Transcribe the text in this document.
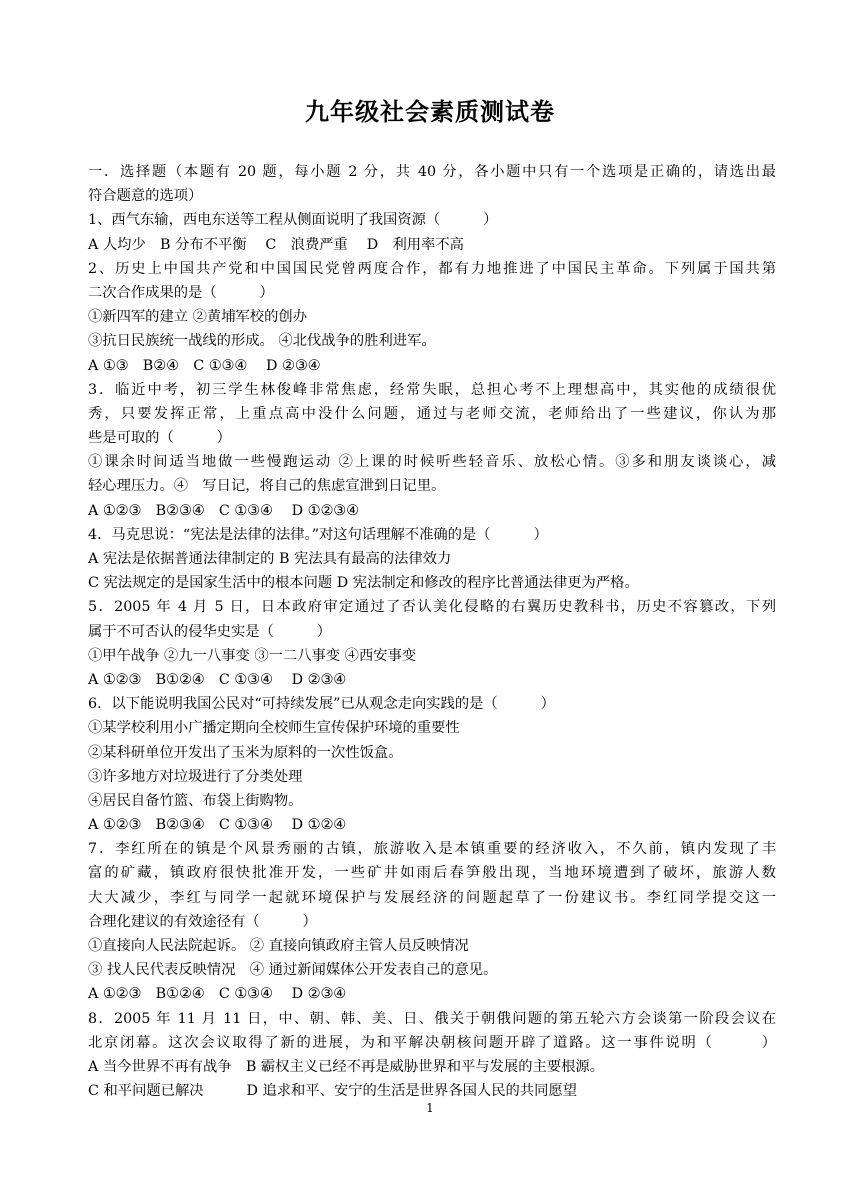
九年级社会素质测试卷
一．选择题（本题有 20 题，每小题 2 分，共 40 分，各小题中只有一个选项是正确的，请选出最
符合题意的选项）
1、西气东输，西电东送等工程从侧面说明了我国资源（　　　）
A 人均少　B 分布不平衡　 C　浪费严重　 D　利用率不高
2、历史上中国共产党和中国国民党曾两度合作，都有力地推进了中国民主革命。下列属于国共第
二次合作成果的是（　　　）
①新四军的建立 ②黄埔军校的创办
③抗日民族统一战线的形成。 ④北伐战争的胜利进军。
A ①③　B②④　C ①③④　 D ②③④
3．临近中考，初三学生林俊峰非常焦虑，经常失眠，总担心考不上理想高中，其实他的成绩很优
秀，只要发挥正常，上重点高中没什么问题，通过与老师交流，老师给出了一些建议，你认为那
些是可取的（　　　）
①课余时间适当地做一些慢跑运动 ②上课的时候听些轻音乐、放松心情。③多和朋友谈谈心，减
轻心理压力。④　写日记，将自己的焦虑宣泄到日记里。
A ①②③　B②③④　C ①③④　 D ①②③④
4．马克思说：“宪法是法律的法律。”对这句话理解不准确的是（　　　）
A 宪法是依据普通法律制定的 B 宪法具有最高的法律效力
C 宪法规定的是国家生活中的根本问题 D 宪法制定和修改的程序比普通法律更为严格。
5．2005 年 4 月 5 日，日本政府审定通过了否认美化侵略的右翼历史教科书，历史不容篡改，下列
属于不可否认的侵华史实是（　　　）
①甲午战争 ②九一八事变 ③一二八事变 ④西安事变
A ①②③　B①②④　C ①③④　 D ②③④
6．以下能说明我国公民对“可持续发展”已从观念走向实践的是（　　　）
①某学校利用小广播定期向全校师生宣传保护环境的重要性
②某科研单位开发出了玉米为原料的一次性饭盒。
③许多地方对垃圾进行了分类处理
④居民自备竹篮、布袋上街购物。
A ①②③　B②③④　C ①③④　 D ①②④
7．李红所在的镇是个风景秀丽的古镇，旅游收入是本镇重要的经济收入，不久前，镇内发现了丰
富的矿藏，镇政府很快批准开发，一些矿井如雨后春笋般出现，当地环境遭到了破坏，旅游人数
大大减少，李红与同学一起就环境保护与发展经济的问题起草了一份建议书。李红同学提交这一
合理化建议的有效途径有（　　　）
①直接向人民法院起诉。 ② 直接向镇政府主管人员反映情况
③ 找人民代表反映情况　④ 通过新闻媒体公开发表自己的意见。
A ①②③　B①②④　C ①③④　 D ②③④
8．2005 年 11 月 11 日，中、朝、韩、美、日、俄关于朝俄问题的第五轮六方会谈第一阶段会议在
北京闭幕。这次会议取得了新的进展，为和平解决朝核问题开辟了道路。这一事件说明（　　　）
A 当今世界不再有战争　B 霸权主义已经不再是威胁世界和平与发展的主要根源。
C 和平问题已解决　　　D 追求和平、安宁的生活是世界各国人民的共同愿望
1
